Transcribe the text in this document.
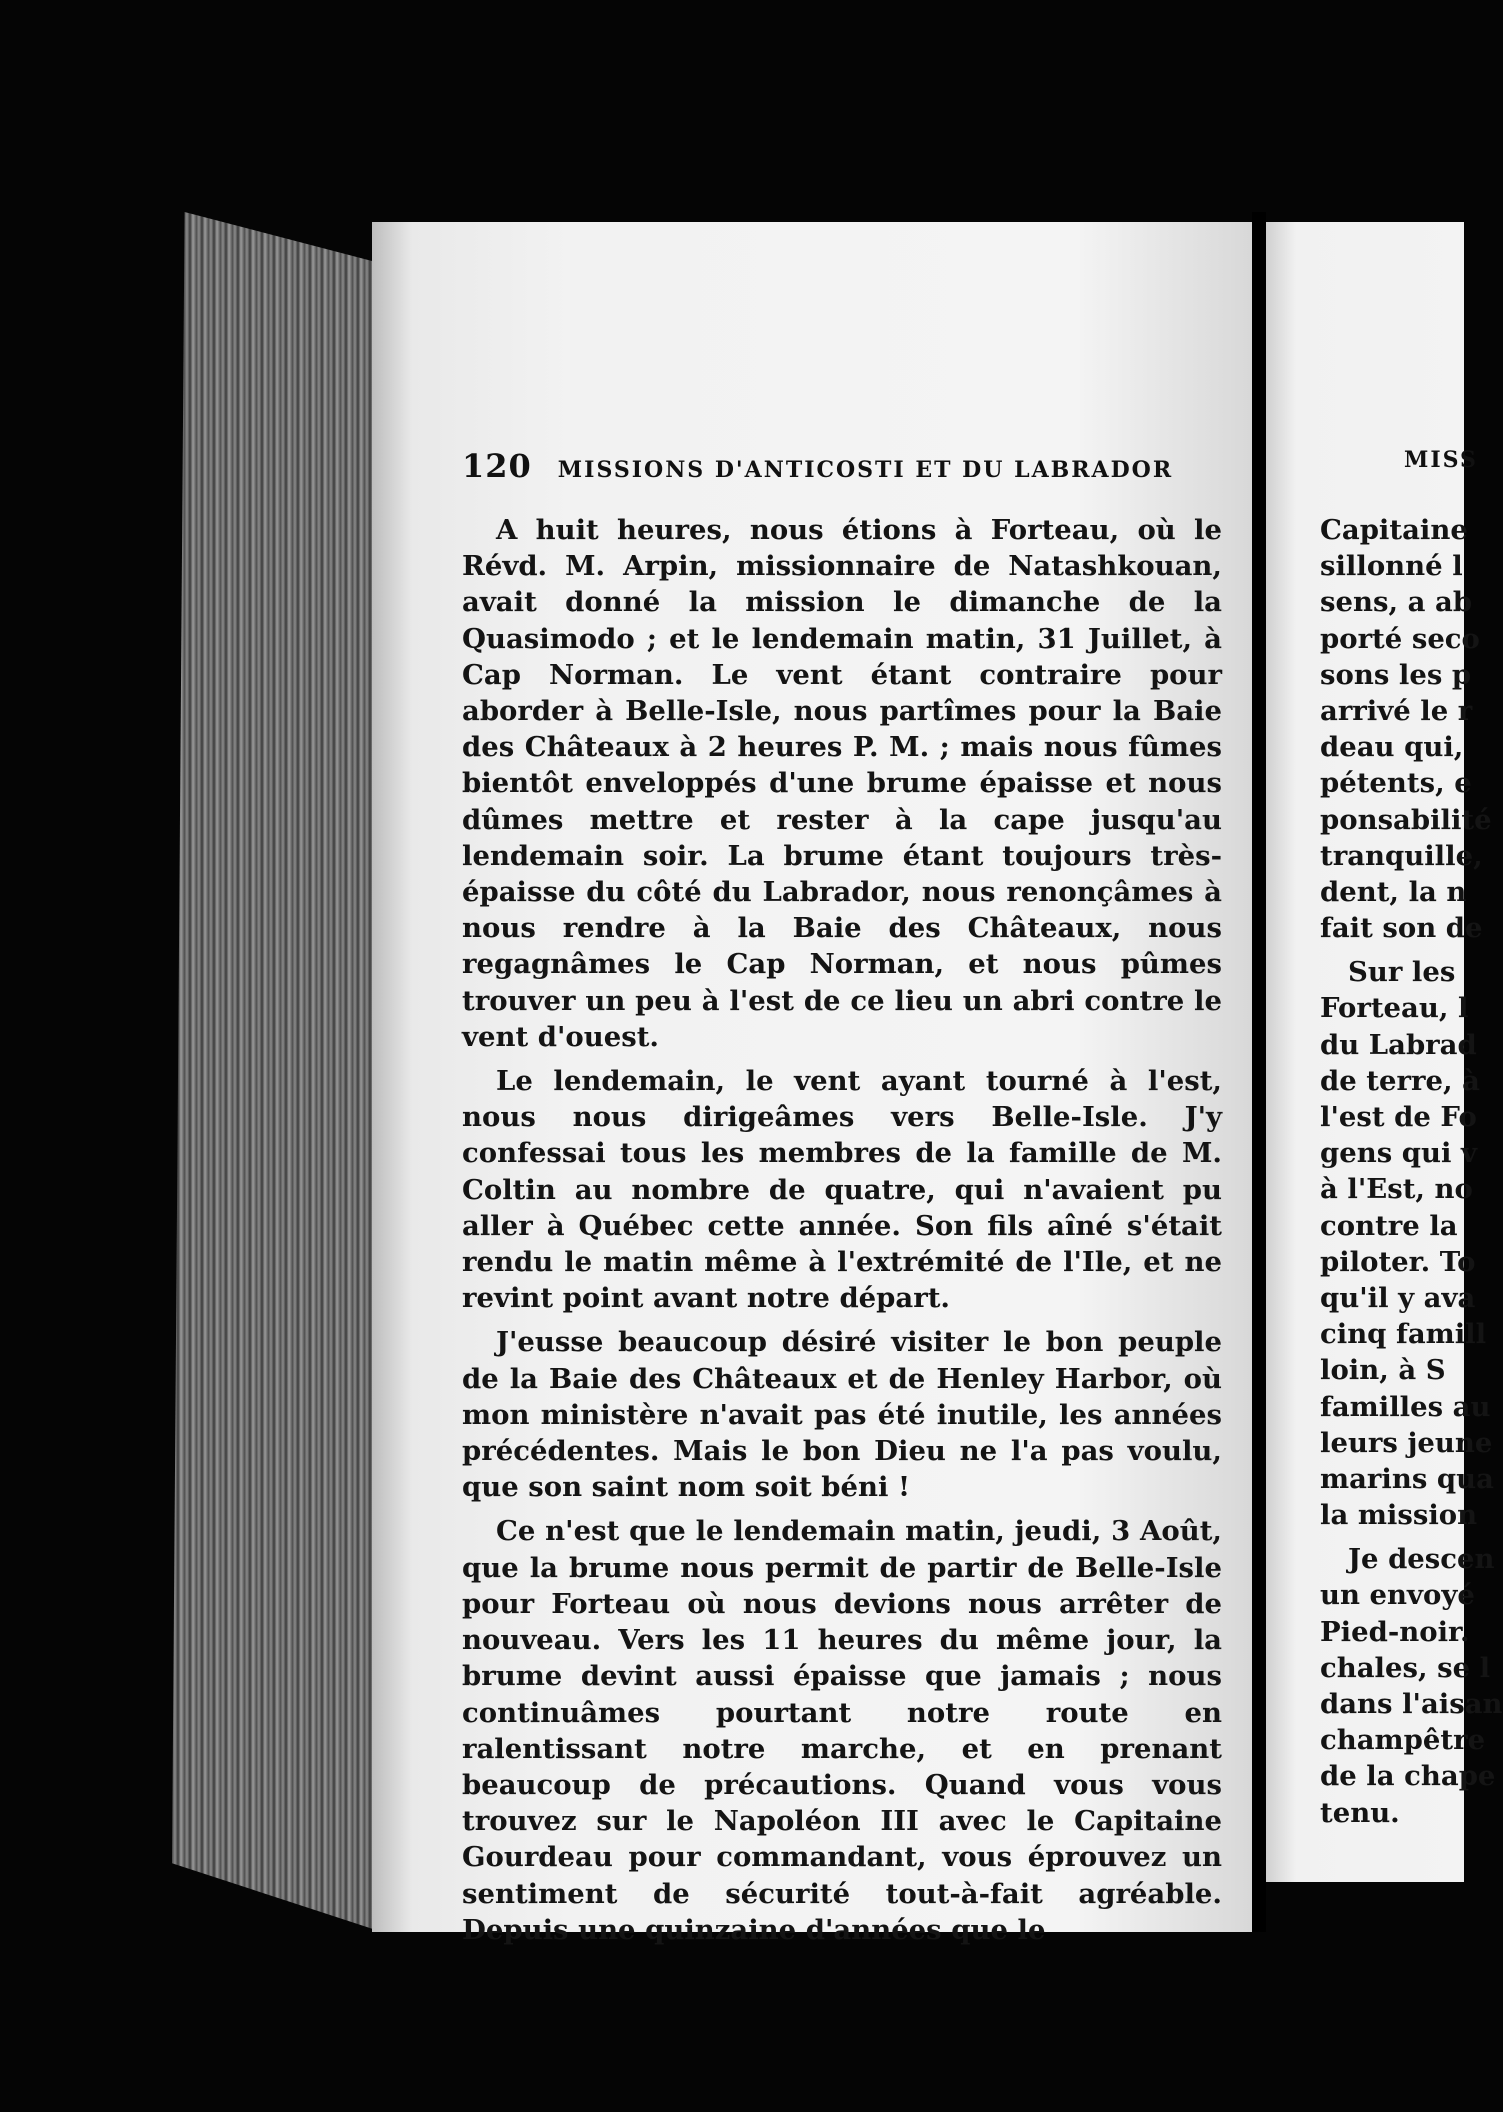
120 MISSIONS D'ANTICOSTI ET DU LABRADOR

A huit heures, nous étions à Forteau, où le Révd. M. Arpin, missionnaire de Natashkouan, avait donné la mission le dimanche de la Quasimodo ; et le lendemain matin, 31 Juillet, à Cap Norman. Le vent étant contraire pour aborder à Belle-Isle, nous partîmes pour la Baie des Châteaux à 2 heures P. M. ; mais nous fûmes bientôt enveloppés d'une brume épaisse et nous dûmes mettre et rester à la cape jusqu'au lendemain soir. La brume étant toujours très-épaisse du côté du Labrador, nous renonçâmes à nous rendre à la Baie des Châteaux, nous regagnâmes le Cap Norman, et nous pûmes trouver un peu à l'est de ce lieu un abri contre le vent d'ouest.

Le lendemain, le vent ayant tourné à l'est, nous nous dirigeâmes vers Belle-Isle. J'y confessai tous les membres de la famille de M. Coltin au nombre de quatre, qui n'avaient pu aller à Québec cette année. Son fils aîné s'était rendu le matin même à l'extrémité de l'Ile, et ne revint point avant notre départ.

J'eusse beaucoup désiré visiter le bon peuple de la Baie des Châteaux et de Henley Harbor, où mon ministère n'avait pas été inutile, les années précédentes. Mais le bon Dieu ne l'a pas voulu, que son saint nom soit béni !

Ce n'est que le lendemain matin, jeudi, 3 Août, que la brume nous permit de partir de Belle-Isle pour Forteau où nous devions nous arrêter de nouveau. Vers les 11 heures du même jour, la brume devint aussi épaisse que jamais ; nous continuâmes pourtant notre route en ralentissant notre marche, et en prenant beaucoup de précautions. Quand vous vous trouvez sur le Napoléon III avec le Capitaine Gourdeau pour commandant, vous éprouvez un sentiment de sécurité tout-à-fait agréable. Depuis une quinzaine d'années que le

MISS
Capitaine
sillonné l
sens, a ab
porté seco
sons les p
arrivé le r
deau qui,
pétents, e
ponsabilité
tranquille,
dent, la n
fait son de
Sur les
Forteau, l
du Labrad
de terre, à
l'est de Fo
gens qui v
à l'Est, no
contre la
piloter. To
qu'il y ava
cinq famill
loin, à S
familles au
leurs jeune
marins qua
la mission
Je descen
un envoyé
Pied-noir.
chales, se l
dans l'aisan
champêtre
de la chape
tenu.
